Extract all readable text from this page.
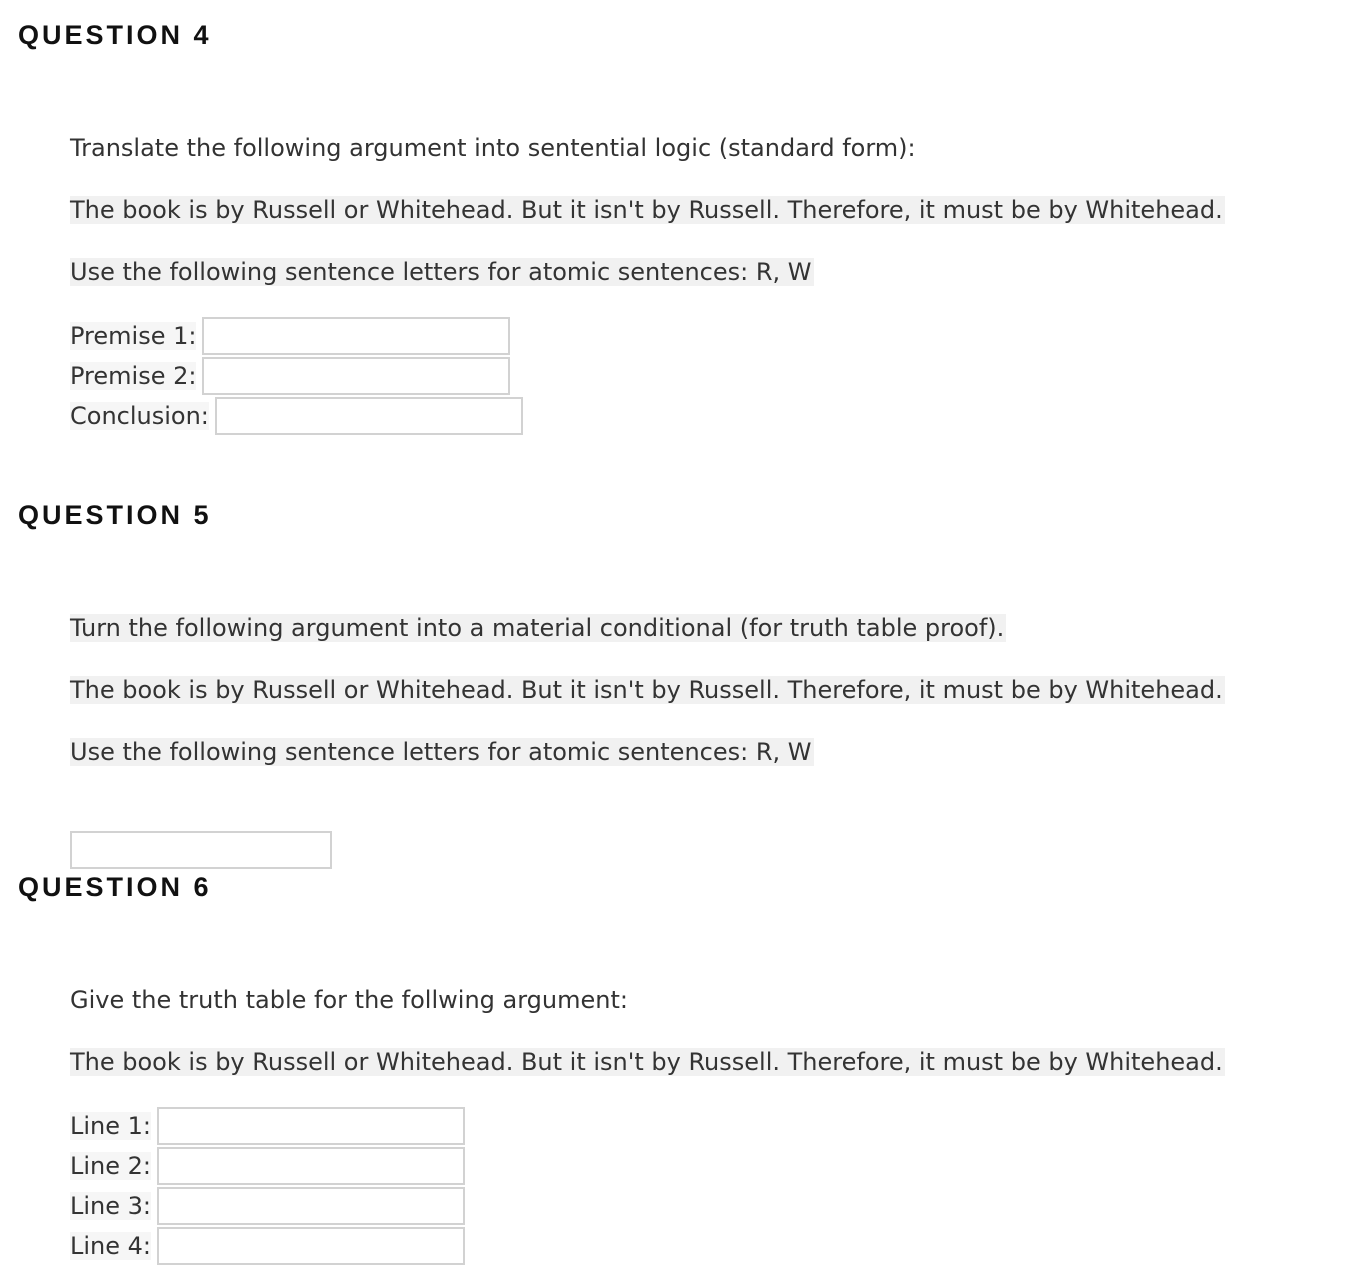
QUESTION 4
Translate the following argument into sentential logic (standard form):
The book is by Russell or Whitehead. But it isn't by Russell. Therefore, it must be by Whitehead.
Use the following sentence letters for atomic sentences: R, W
Premise 1:
Premise 2:
Conclusion:
QUESTION 5
Turn the following argument into a material conditional (for truth table proof).
The book is by Russell or Whitehead. But it isn't by Russell. Therefore, it must be by Whitehead.
Use the following sentence letters for atomic sentences: R, W
QUESTION 6
Give the truth table for the follwing argument:
The book is by Russell or Whitehead. But it isn't by Russell. Therefore, it must be by Whitehead.
Line 1:
Line 2:
Line 3:
Line 4:
